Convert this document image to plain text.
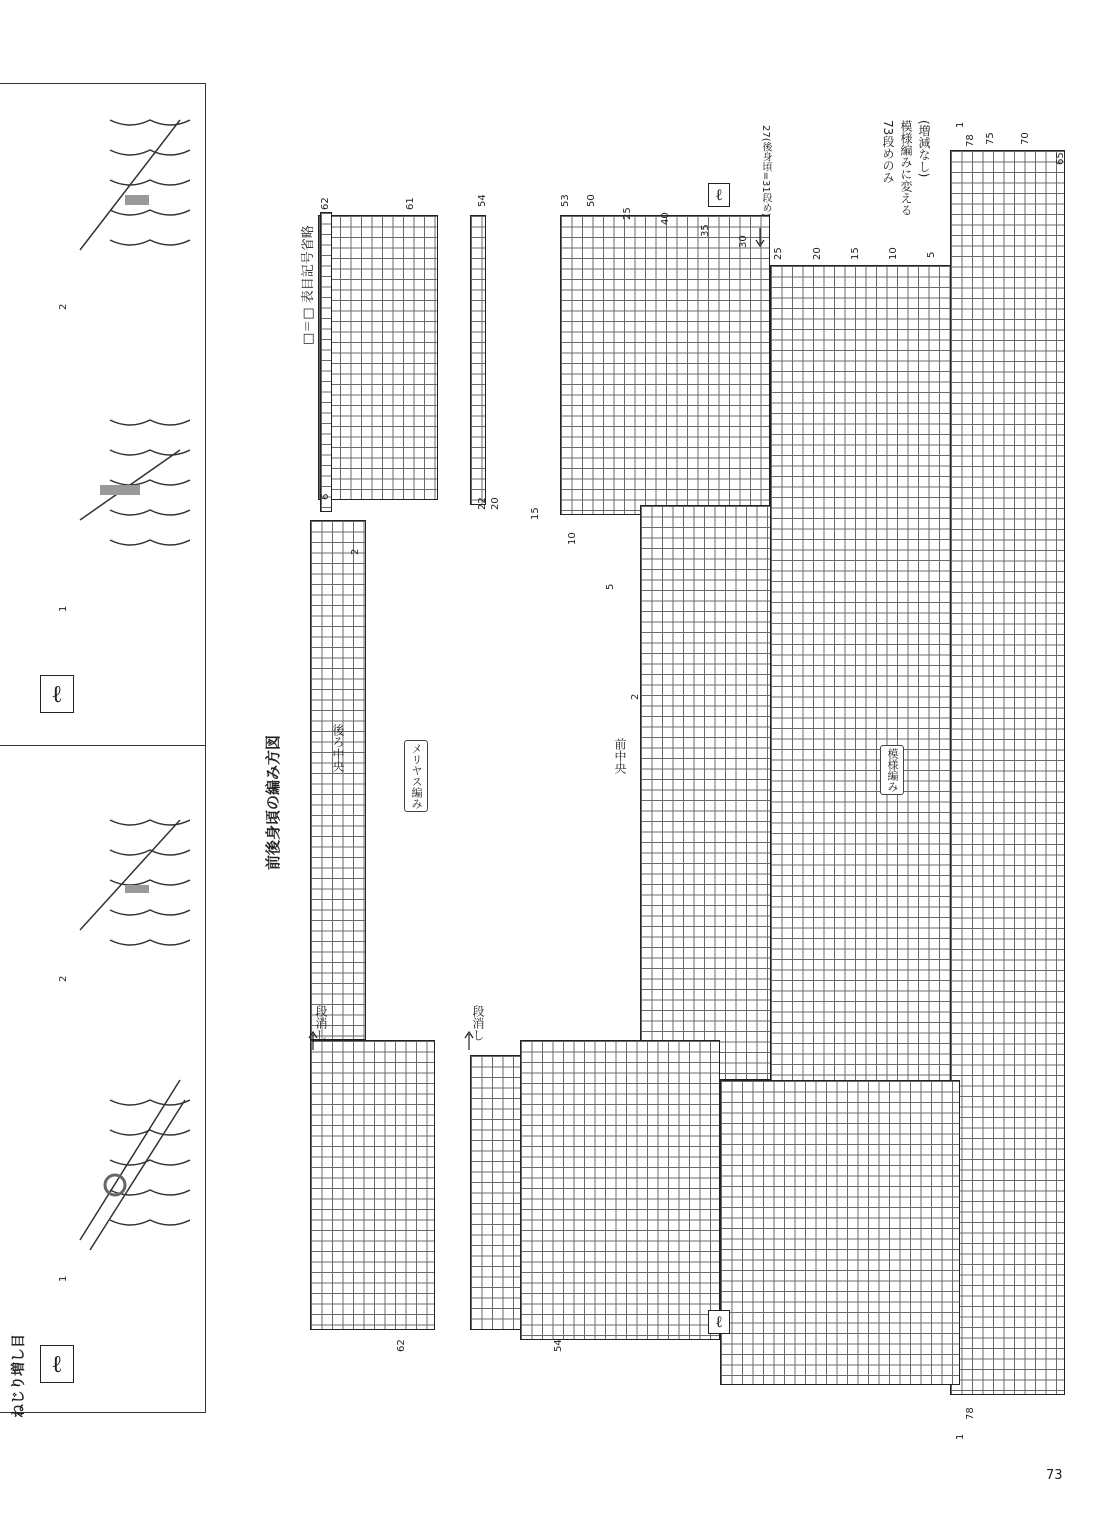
ねじり増し目 ℓ
ℓ
1
2
1
2
前後身頃の編み方図
□＝□ 表目記号省略
後ろ中央	メリヤス編み	前中央	模様編み
段消し	段消し
ℓ
ℓ
27(後身頃=31段め)	73段めのみ 模様編みに変える (増減なし)
62	61
6
2
54	53 50
25	40
35
30
22 20
15
10
5
2
1
78 75 70
65
25	20	15	10	5
62	54
1
78
73
